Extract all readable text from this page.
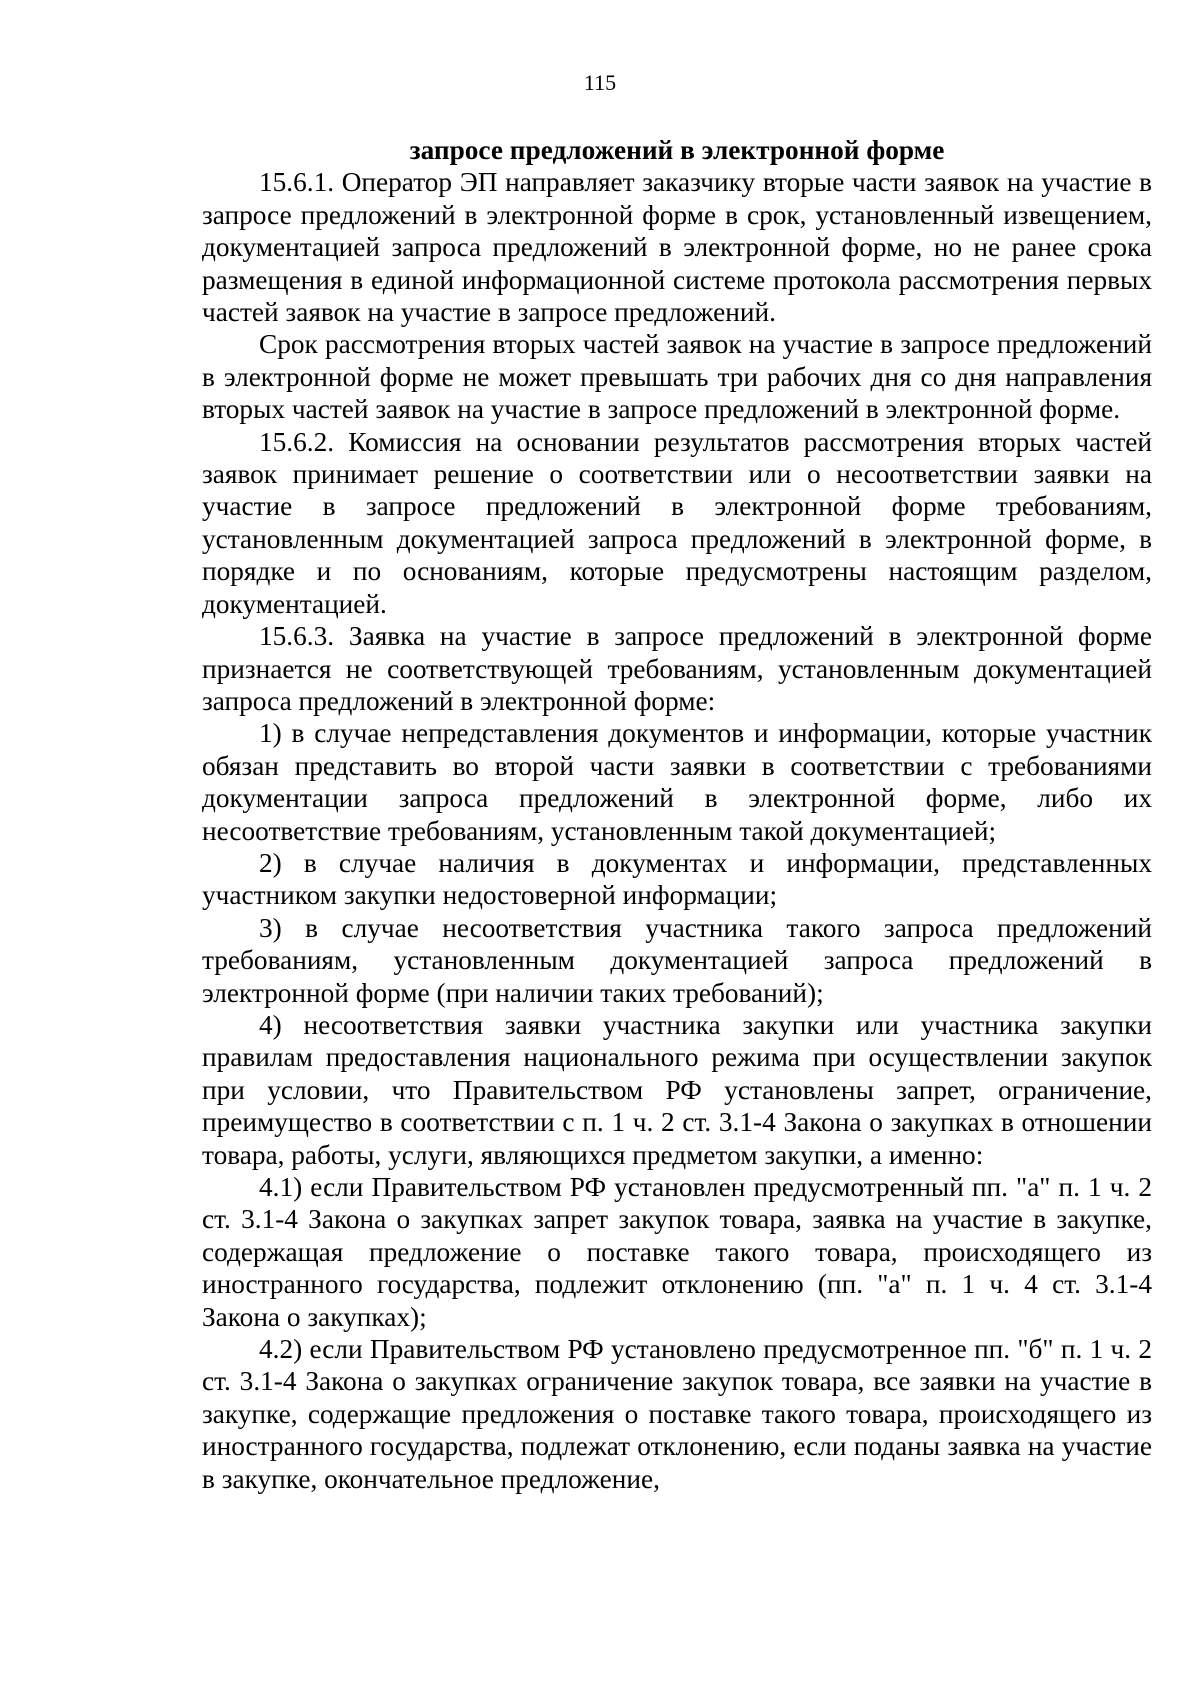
115

запросе предложений в электронной форме

15.6.1. Оператор ЭП направляет заказчику вторые части заявок на участие в запросе предложений в электронной форме в срок, установленный извещением, документацией запроса предложений в электронной форме, но не ранее срока размещения в единой информационной системе протокола рассмотрения первых частей заявок на участие в запросе предложений.

Срок рассмотрения вторых частей заявок на участие в запросе предложений в электронной форме не может превышать три рабочих дня со дня направления вторых частей заявок на участие в запросе предложений в электронной форме.

15.6.2. Комиссия на основании результатов рассмотрения вторых частей заявок принимает решение о соответствии или о несоответствии заявки на участие в запросе предложений в электронной форме требованиям, установленным документацией запроса предложений в электронной форме, в порядке и по основаниям, которые предусмотрены настоящим разделом, документацией.

15.6.3. Заявка на участие в запросе предложений в электронной форме признается не соответствующей требованиям, установленным документацией запроса предложений в электронной форме:

1) в случае непредставления документов и информации, которые участник обязан представить во второй части заявки в соответствии с требованиями документации запроса предложений в электронной форме, либо их несоответствие требованиям, установленным такой документацией;

2) в случае наличия в документах и информации, представленных участником закупки недостоверной информации;

3) в случае несоответствия участника такого запроса предложений требованиям, установленным документацией запроса предложений в электронной форме (при наличии таких требований);

4) несоответствия заявки участника закупки или участника закупки правилам предоставления национального режима при осуществлении закупок при условии, что Правительством РФ установлены запрет, ограничение, преимущество в соответствии с п. 1 ч. 2 ст. 3.1-4 Закона о закупках в отношении товара, работы, услуги, являющихся предметом закупки, а именно:

4.1) если Правительством РФ установлен предусмотренный пп. "а" п. 1 ч. 2 ст. 3.1-4 Закона о закупках запрет закупок товара, заявка на участие в закупке, содержащая предложение о поставке такого товара, происходящего из иностранного государства, подлежит отклонению (пп. "а" п. 1 ч. 4 ст. 3.1-4 Закона о закупках);

4.2) если Правительством РФ установлено предусмотренное пп. "б" п. 1 ч. 2 ст. 3.1-4 Закона о закупках ограничение закупок товара, все заявки на участие в закупке, содержащие предложения о поставке такого товара, происходящего из иностранного государства, подлежат отклонению, если поданы заявка на участие в закупке, окончательное предложение,
